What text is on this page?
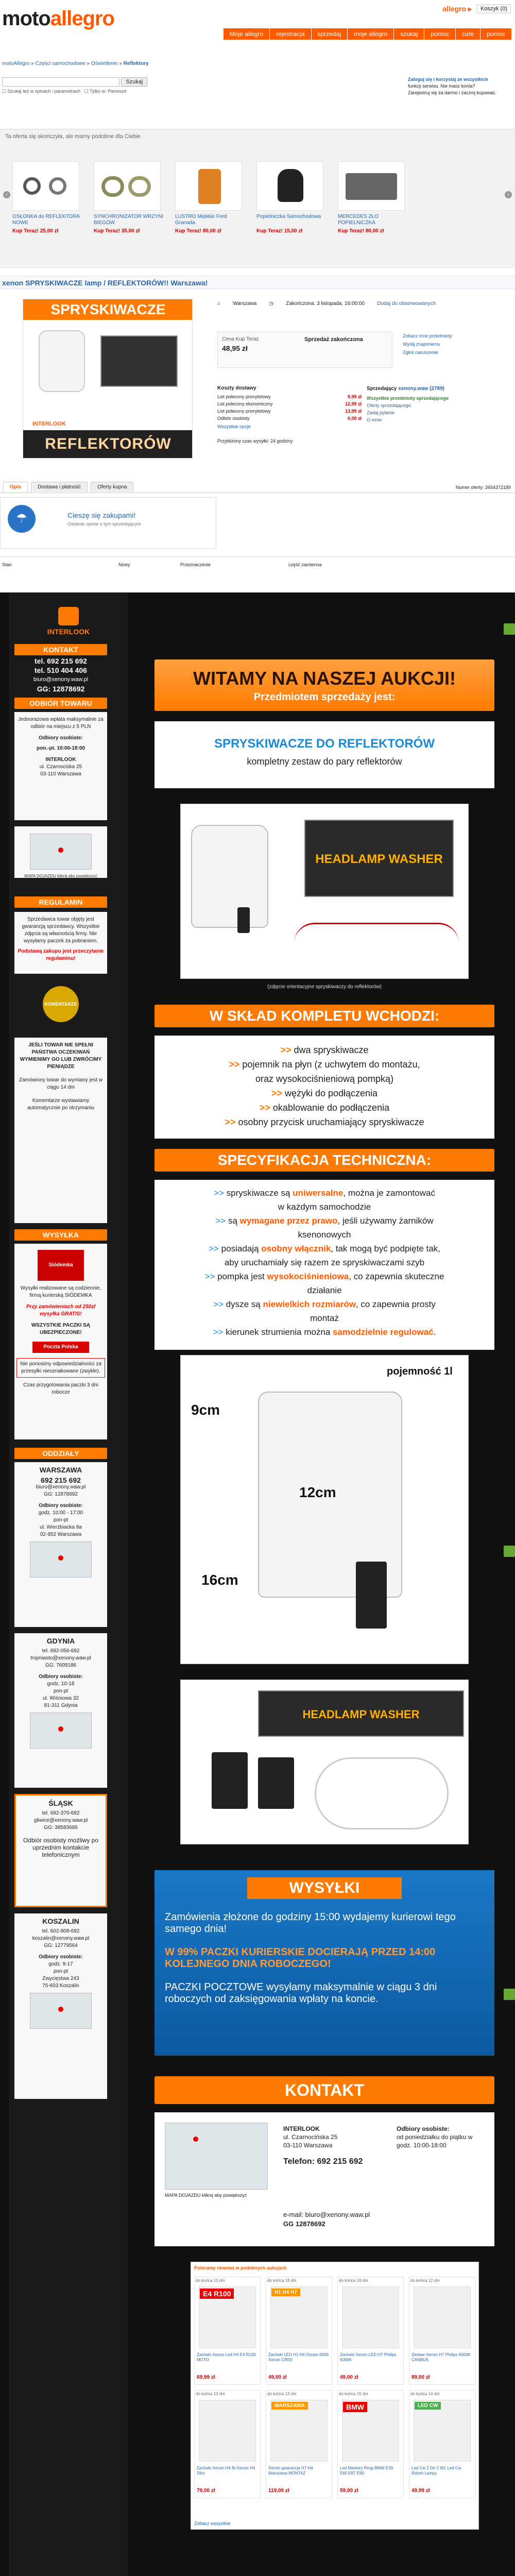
motoallegro	allegro ▸	Koszyk (0)
Moje allegro	rejestracja	sprzedaj	moje allegro	szukaj	pomoc	cafe	pomoc
motoAllegro » Części samochodowe » Oświetlenie » Reflektory
Szukaj
☐ Szukaj też w opisach i parametrach ☐ Tylko w: Pierwsze
Zaloguj się i korzystaj ze wszystkich
funkcji serwisu. Nie masz konta?
Zarejestruj się za darmo i zacznij kupować.
Ta oferta się skończyła, ale mamy podobne dla Ciebie
‹	›
OSŁONKA do REFLEKTORA NOWE
Kup Teraz! 25,00 zł
SYNCHRONIZATOR WRZYNI BIEGÓW
Kup Teraz! 35,00 zł
LUSTRO Miękkie Ford Granada
Kup Teraz! 80,00 zł
Popielniczka Samochodowa
Kup Teraz! 15,00 zł
MERCEDES ZŁO POPIELNICZKA
Kup Teraz! 80,00 zł
xenon SPRYSKIWACZE lamp / REFLEKTORÓW!! Warszawa!
SPRYSKIWACZE
INTERLOOK
REFLEKTORÓW
⌂ Warszawa ◷ Zakończona: 3 listopada, 16:00:00 Dodaj do obserwowanych
Cena Kup Teraz
48,95 zł
Sprzedaż zakończona
Zobacz inne przedmioty
Wyślij znajomemu
Zgłoś naruszenie
Koszty dostawy
List polecony priorytetowy	9,99 zł
List polecony ekonomiczny	12,99 zł
List polecony priorytetowy	13,99 zł
Odbiór osobisty	0,00 zł
Wszystkie opcje
Przybliżony czas wysyłki: 24 godziny
Sprzedający xenony.waw (2789)
Wszystkie przedmioty sprzedającego
Oferty sprzedającego
Zadaj pytanie
O mnie
Opis	Dostawa i płatność	Oferty kupna	Numer oferty: 3654372189
☂	Cieszę się zakupami!
Ostatnie opinie o tym sprzedającym
Stan	Nowy	Przeznaczenie	część zamienna
INTERLOOK
KONTAKT
tel. 692 215 692
tel. 510 404 406
biuro@xenony.waw.pl
GG: 12878692
ODBIÓR TOWARU
Jednorazowa wpłata maksymalnie za odbiór na miejscu z 5 PLN
Odbiory osobiste:
pon.-pt. 10:00-18:00
INTERLOOK
ul. Czarnociska 25
03-110 Warszawa
MAPA DOJAZDU kliknij aby powiększyć
REGULAMIN
Sprzedawca towar objęty jest gwarancją sprzedawcy. Wszystkie zdjęcia są własnością firmy. Nie wysyłamy paczek za pobraniem.
Podstawą zakupu jest przeczytanie regulaminu!
KOMENTARZE
JEŚLI TOWAR NIE SPEŁNI PAŃSTWA OCZEKIWAŃ WYMIENIMY GO LUB ZWRÓCIMY PIENIĄDZE
Zamówiony towar do wymiany jest w ciągu 14 dni
Komentarze wystawiamy automatycznie po otrzymaniu
WYSYŁKA
Siódemka
Wysyłki realizowane są codziennie, firmą kurierską SIÓDEMKA
Przy zamówieniach od 250zł wysyłka GRATIS!
WSZYSTKIE PACZKI SĄ UBEZPIECZONE!
Poczta Polska
Nie ponosimy odpowiedzialności za przesyłki nieoznakowane (zwykłe).
Czas przygotowania paczki 3 dni robocze
ODDZIAŁY
WARSZAWA
692 215 692
biuro@xenony.waw.pl
GG: 12878692
Odbiory osobiste:
godz. 10:00 - 17:00
pon-pt
ul. Wierzbiacka 8a
02-952 Warszawa
GDYNIA
tel. 692-056-692
trojmiasto@xenony.waw.pl
GG: 7609186
Odbiory osobiste:
godz. 10-18
pon-pt
ul. Wiśniowa 32
81-311 Gdynia
ŚLĄSK
tel. 692-370-692
gliwice@xenony.waw.pl
GG: 38583686
Odbiór osobisty możliwy po uprzednim kontakcie telefonicznym
KOSZALIN
tel. 602-808-692
koszalin@xenony.waw.pl
GG: 12779564
Odbiory osobiste:
godz. 9-17
pon-pt
Zwycięstwa 243
75-603 Koszalin
WITAMY NA NASZEJ AUKCJI!
Przedmiotem sprzedaży jest:
SPRYSKIWACZE DO REFLEKTORÓW
kompletny zestaw do pary reflektorów
HEADLAMP WASHER
(zdjęcie orientacyjne spryskiwaczy do reflektorów)
W SKŁAD KOMPLETU WCHODZI:
>> dwa spryskiwacze
>> pojemnik na płyn (z uchwytem do montażu,
oraz wysokociśnieniową pompką)
>> wężyki do podłączenia
>> okablowanie do podłączenia
>> osobny przycisk uruchamiający spryskiwacze
SPECYFIKACJA TECHNICZNA:
>> spryskiwacze są uniwersalne, można je zamontować
w każdym samochodzie
>> są wymagane przez prawo, jeśli używamy żarników
ksenonowych
>> posiadają osobny włącznik, tak mogą być podpięte tak,
aby uruchamiały się razem ze spryskiwaczami szyb
>> pompka jest wysokociśnieniowa, co zapewnia skuteczne
działanie
>> dysze są niewielkich rozmiarów, co zapewnia prosty
montaż
>> kierunek strumienia można samodzielnie regulować.
9cm
12cm
16cm
pojemność 1l
HEADLAMP WASHER
WYSYŁKI
Zamówienia złożone do godziny 15:00 wydajemy kurierowi tego samego dnia!
W 99% PACZKI KURIERSKIE DOCIERAJĄ PRZED 14:00 KOLEJNEGO DNIA ROBOCZEGO!
PACZKI POCZTOWE wysyłamy maksymalnie w ciągu 3 dni roboczych od zaksięgowania wpłaty na koncie.
KONTAKT
MAPA DOJAZDU kliknij aby powiększyć
INTERLOOK
ul. Czarnocińska 25
03-110 Warszawa

Telefon: 692 215 692
Odbiory osobiste:
od poniedziałku do piątku w godz. 10:00-18:00
e-mail: biuro@xenony.waw.pl
GG 12878692
Polecamy również w podobnych aukcjach
do końca 13 dni
E4 R100
Żarówki Xenon Led H4 E4 R100 MOTO
69,99 zł
do końca 18 dni
H1 H4 H7
Żarówki LED H1 H4 Osram 6000 Xenon CREE
49,00 zł
do końca 10 dni
Żarówki Xenon LED H7 Philips 6000K
49,00 zł
do końca 12 dni
Zestaw Xenon H7 Philips 6000K CANBUS
89,00 zł
do końca 13 dni
Żarówki Xenon H4 Bi-Xenon H4 Slim
79,00 zł
do końca 13 dni
WARSZAWA
Xenon gwarancja H7 H4 Warszawa MONTAŻ
119,00 zł
do końca 15 dni
BMW
Led Markery Ringi BMW E39 E60 E87 E90
59,00 zł
do końca 14 dni
LED CW
Led Cw 2 Drl 2 W1 Led Cw Rdzeń Lampy
49,99 zł
Zobacz wszystkie
